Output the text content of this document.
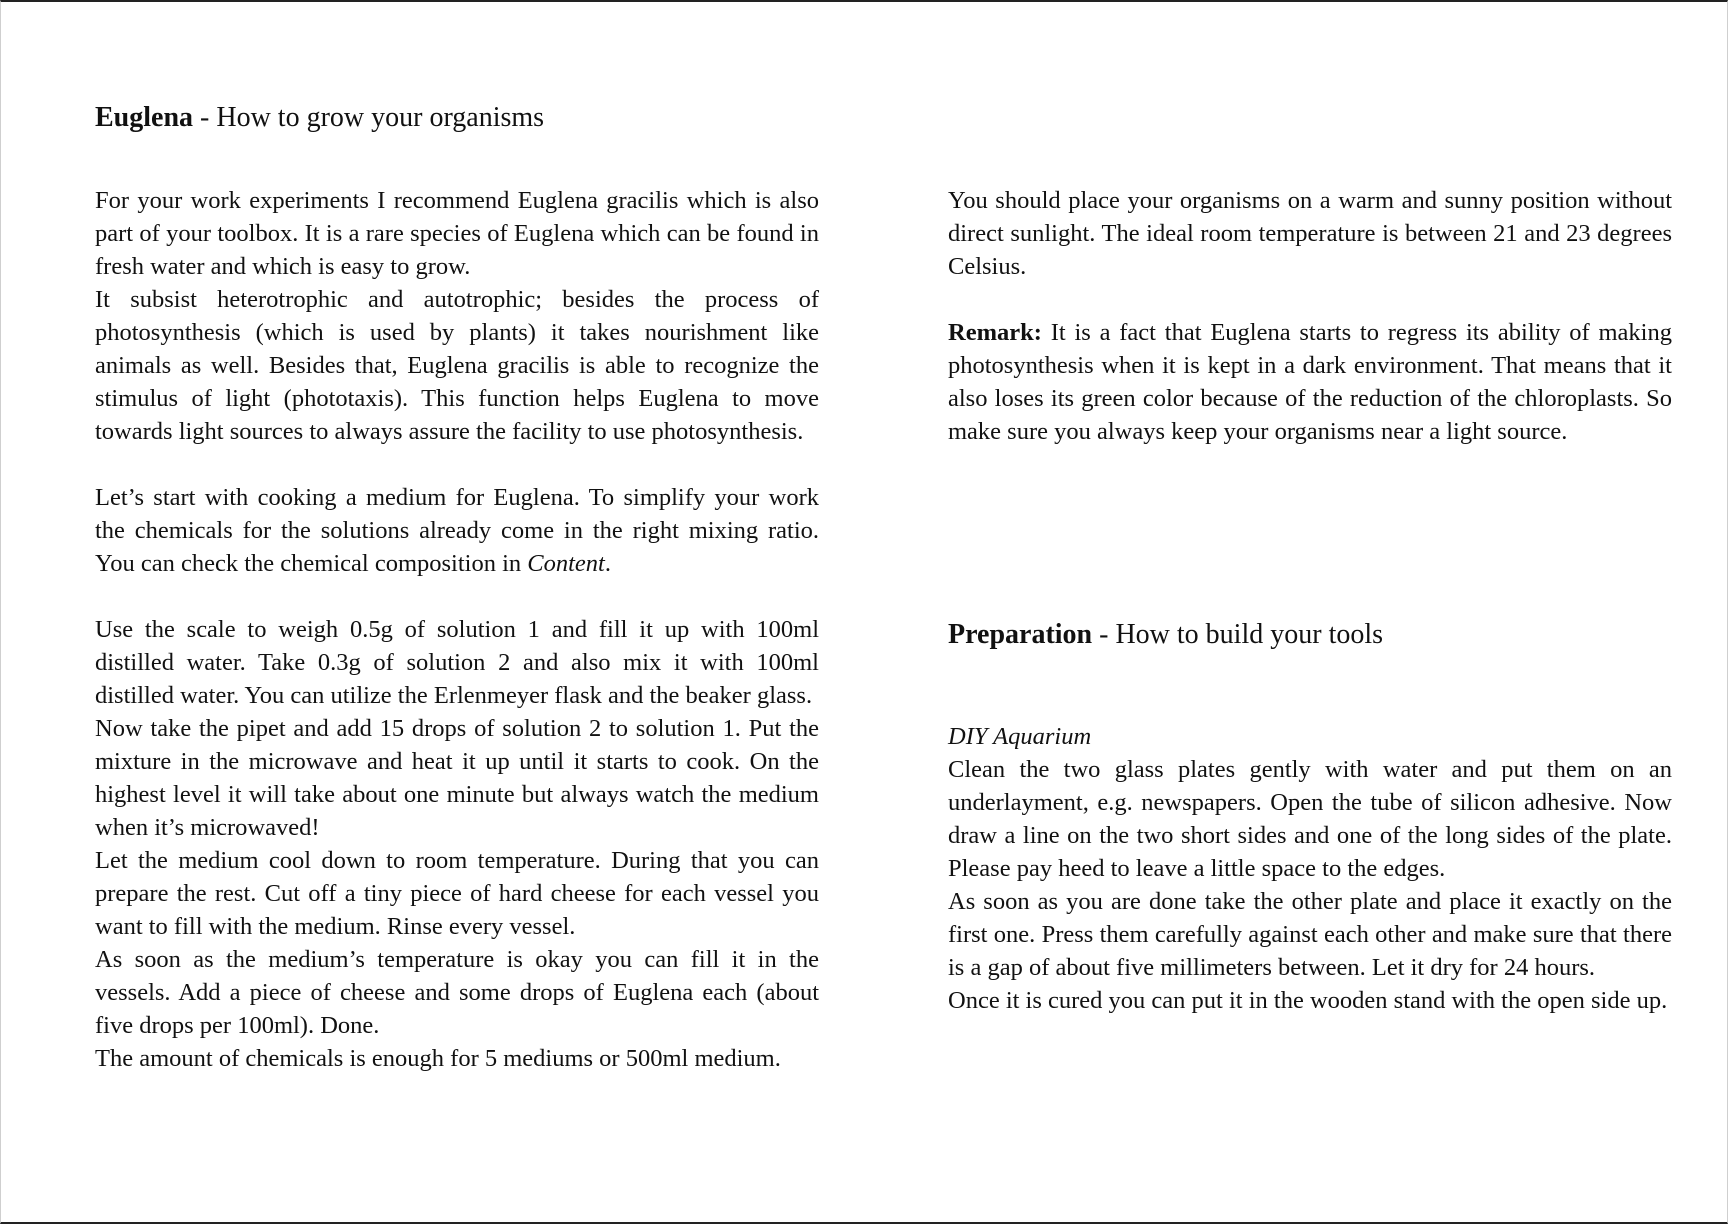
Euglena - How to grow your organisms

For your work experiments I recommend Euglena gracilis which is also part of your toolbox. It is a rare species of Euglena which can be found in fresh water and which is easy to grow.

It subsist heterotrophic and autotrophic; besides the process of photosynthesis (which is used by plants) it takes nourishment like animals as well. Besides that, Euglena gracilis is able to recognize the stimulus of light (phototaxis). This function helps Euglena to move towards light sources to always assure the facility to use photosynthesis.

Let’s start with cooking a medium for Euglena. To simplify your work the chemicals for the solutions already come in the right mixing ratio. You can check the chemical composition in Content.

Use the scale to weigh 0.5g of solution 1 and fill it up with 100ml distilled water. Take 0.3g of solution 2 and also mix it with 100ml distilled water. You can utilize the Erlenmeyer flask and the beaker glass.

Now take the pipet and add 15 drops of solution 2 to solution 1. Put the mixture in the microwave and heat it up until it starts to cook. On the highest level it will take about one minute but always watch the medium when it’s microwaved!

Let the medium cool down to room temperature. During that you can prepare the rest. Cut off a tiny piece of hard cheese for each vessel you want to fill with the medium. Rinse every vessel.

As soon as the medium’s temperature is okay you can fill it in the vessels. Add a piece of cheese and some drops of Euglena each (about five drops per 100ml). Done.

The amount of chemicals is enough for 5 mediums or 500ml medium.

You should place your organisms on a warm and sunny position without direct sunlight. The ideal room temperature is between 21 and 23 degrees Celsius.

Remark: It is a fact that Euglena starts to regress its ability of making photosynthesis when it is kept in a dark environment. That means that it also loses its green color because of the reduction of the chloroplasts. So make sure you always keep your organisms near a light source.

Preparation - How to build your tools

DIY Aquarium

Clean the two glass plates gently with water and put them on an underlayment, e.g. newspapers. Open the tube of silicon adhesive. Now draw a line on the two short sides and one of the long sides of the plate. Please pay heed to leave a little space to the edges.

As soon as you are done take the other plate and place it exactly on the first one. Press them carefully against each other and make sure that there is a gap of about five millimeters between. Let it dry for 24 hours.

Once it is cured you can put it in the wooden stand with the open side up.
